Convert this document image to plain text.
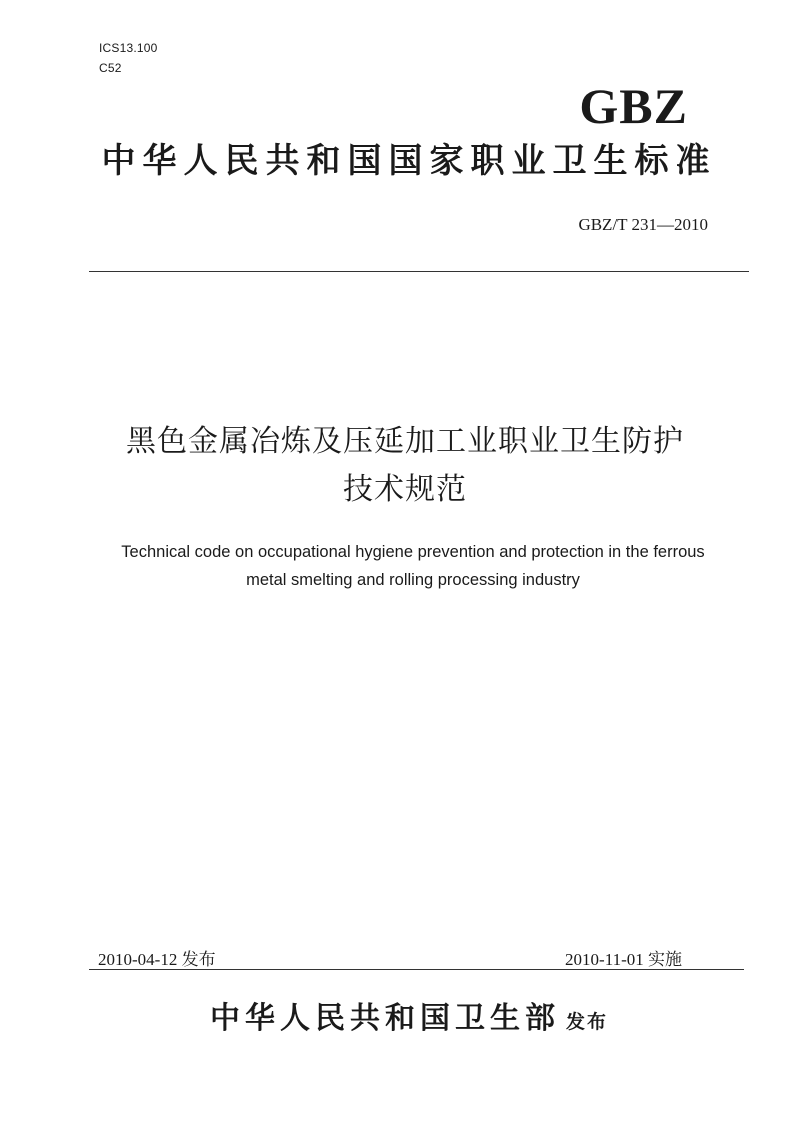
ICS13.100
C52
GBZ
中华人民共和国国家职业卫生标准
GBZ/T 231—2010
黑色金属冶炼及压延加工业职业卫生防护
技术规范
Technical code on occupational hygiene prevention and protection in the ferrous
metal smelting and rolling processing industry
2010-04-12 发布	2010-11-01 实施
中华人民共和国卫生部 发布
